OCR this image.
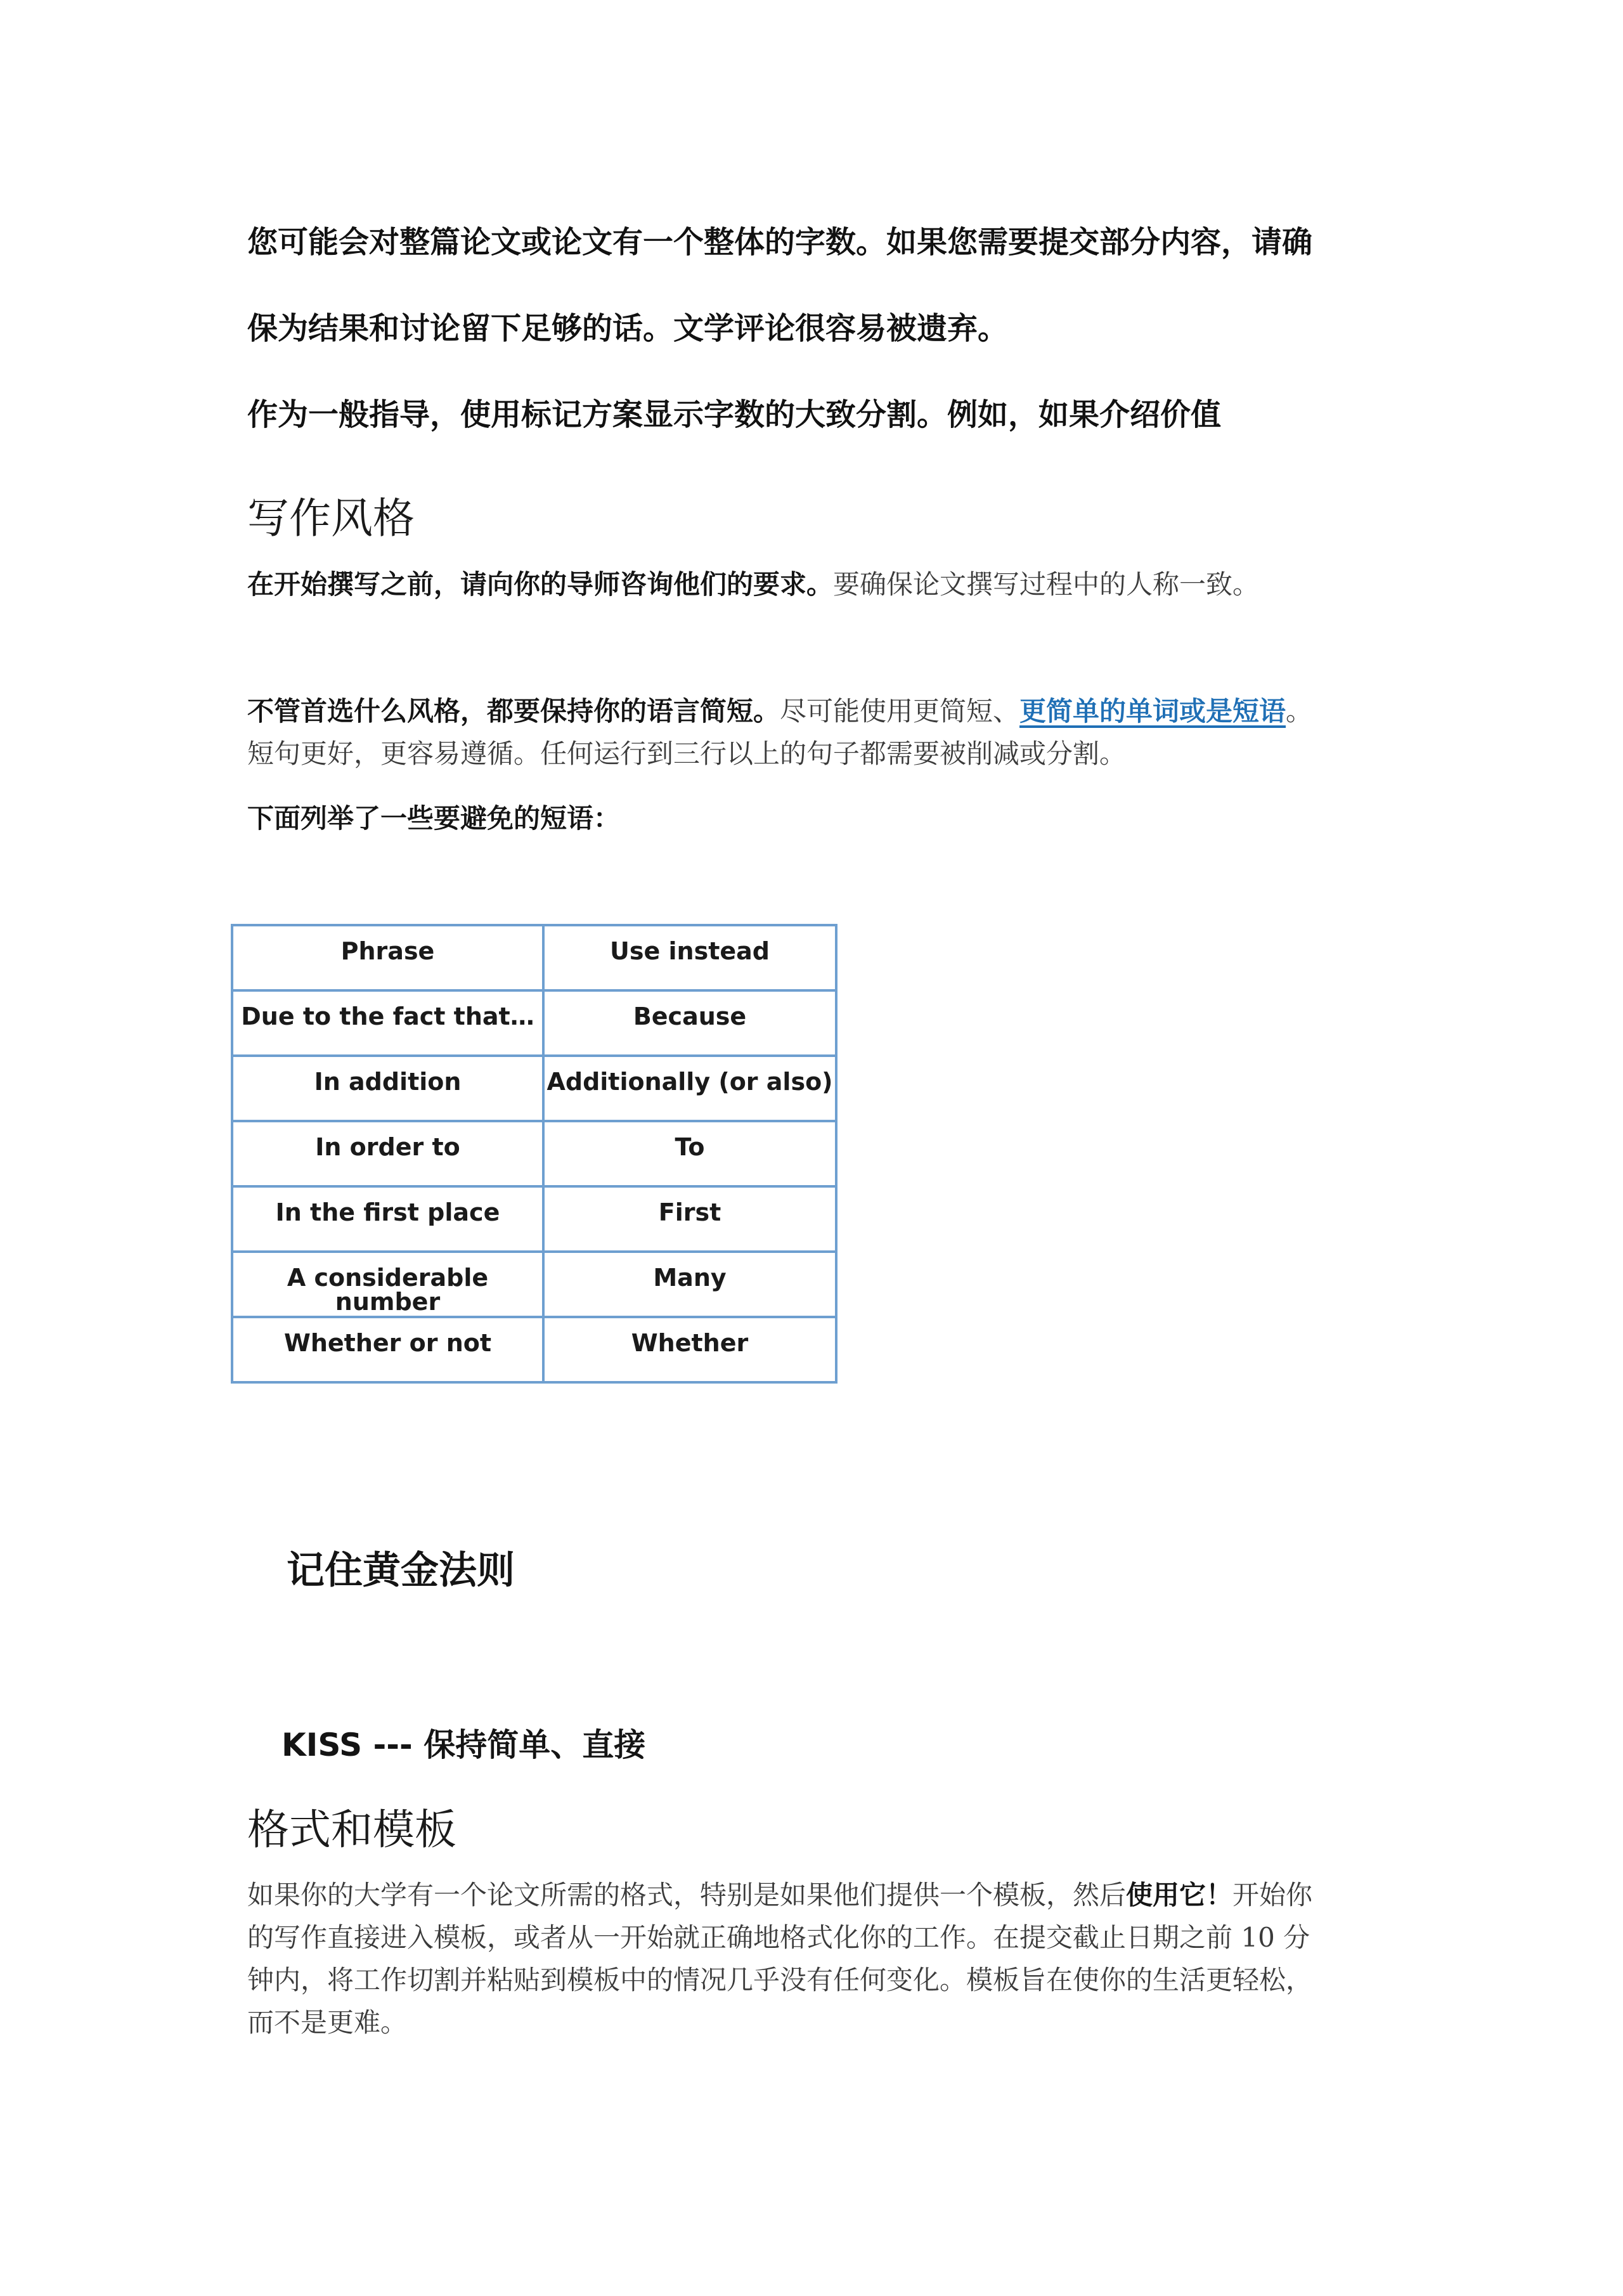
您可能会对整篇论文或论文有一个整体的字数。如果您需要提交部分内容，请确

保为结果和讨论留下足够的话。文学评论很容易被遗弃。

作为一般指导，使用标记方案显示字数的大致分割。例如，如果介绍价值

写作风格

在开始撰写之前，请向你的导师咨询他们的要求。要确保论文撰写过程中的人称一致。

不管首选什么风格，都要保持你的语言简短。尽可能使用更简短、更简单的单词或是短语。

短句更好，更容易遵循。任何运行到三行以上的句子都需要被削减或分割。

下面列举了一些要避免的短语：

Phrase	Use instead

Due to the fact that…	Because

In addition	Additionally (or also)

In order to	To

In the first place	First

A considerable number	Many

Whether or not	Whether
记住黄金法则

KISS --- 保持简单、直接

格式和模板

如果你的大学有一个论文所需的格式，特别是如果他们提供一个模板，然后使用它！开始你

的写作直接进入模板，或者从一开始就正确地格式化你的工作。在提交截止日期之前 10 分

钟内，将工作切割并粘贴到模板中的情况几乎没有任何变化。模板旨在使你的生活更轻松，

而不是更难。
